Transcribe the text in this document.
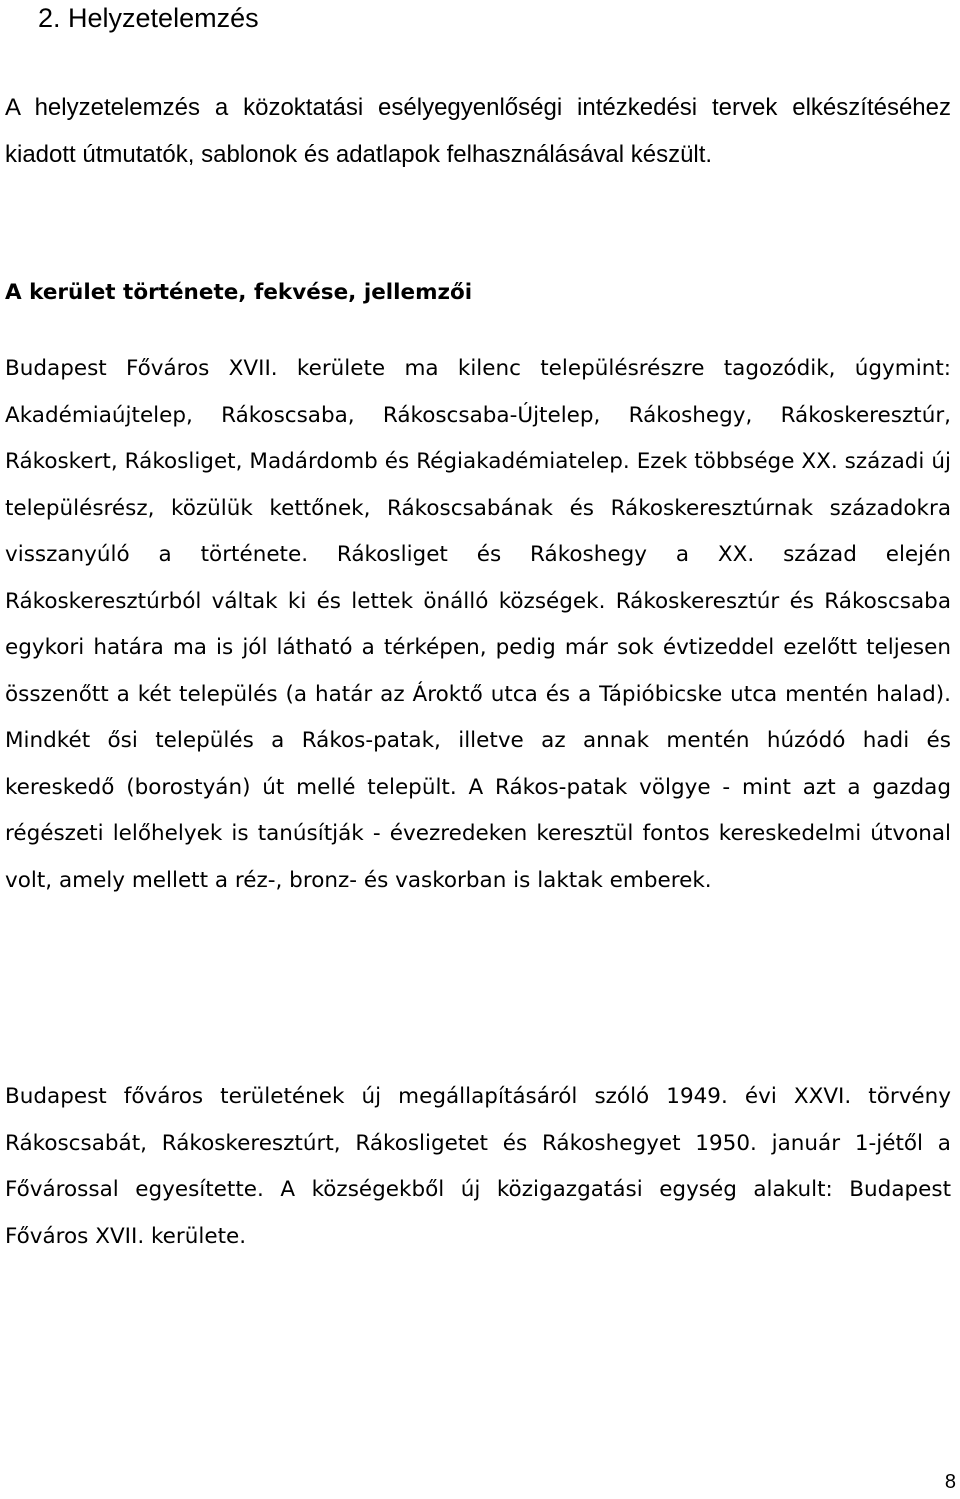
2. Helyzetelemzés

A helyzetelemzés a közoktatási esélyegyenlőségi intézkedési tervek elkészítéséhez kiadott útmutatók, sablonok és adatlapok felhasználásával készült.

A kerület története, fekvése, jellemzői

Budapest Főváros XVII. kerülete ma kilenc településrészre tagozódik, úgymint: Akadémiaújtelep, Rákoscsaba, Rákoscsaba-Újtelep, Rákoshegy, Rákoskeresztúr, Rákoskert, Rákosliget, Madárdomb és Régiakadémiatelep. Ezek többsége XX. századi új településrész, közülük kettőnek, Rákoscsabának és Rákoskeresztúrnak századokra visszanyúló a története. Rákosliget és Rákoshegy a XX. század elején Rákoskeresztúrból váltak ki és lettek önálló községek. Rákoskeresztúr és Rákoscsaba egykori határa ma is jól látható a térképen, pedig már sok évtizeddel ezelőtt teljesen összenőtt a két település (a határ az Ároktő utca és a Tápióbicske utca mentén halad). Mindkét ősi település a Rákos-patak, illetve az annak mentén húzódó hadi és kereskedő (borostyán) út mellé települt. A Rákos-patak völgye - mint azt a gazdag régészeti lelőhelyek is tanúsítják - évezredeken keresztül fontos kereskedelmi útvonal volt, amely mellett a réz-, bronz- és vaskorban is laktak emberek.

Budapest főváros területének új megállapításáról szóló 1949. évi XXVI. törvény Rákoscsabát, Rákoskeresztúrt, Rákosligetet és Rákoshegyet 1950. január 1-jétől a Fővárossal egyesítette. A községekből új közigazgatási egység alakult: Budapest Főváros XVII. kerülete.

8
